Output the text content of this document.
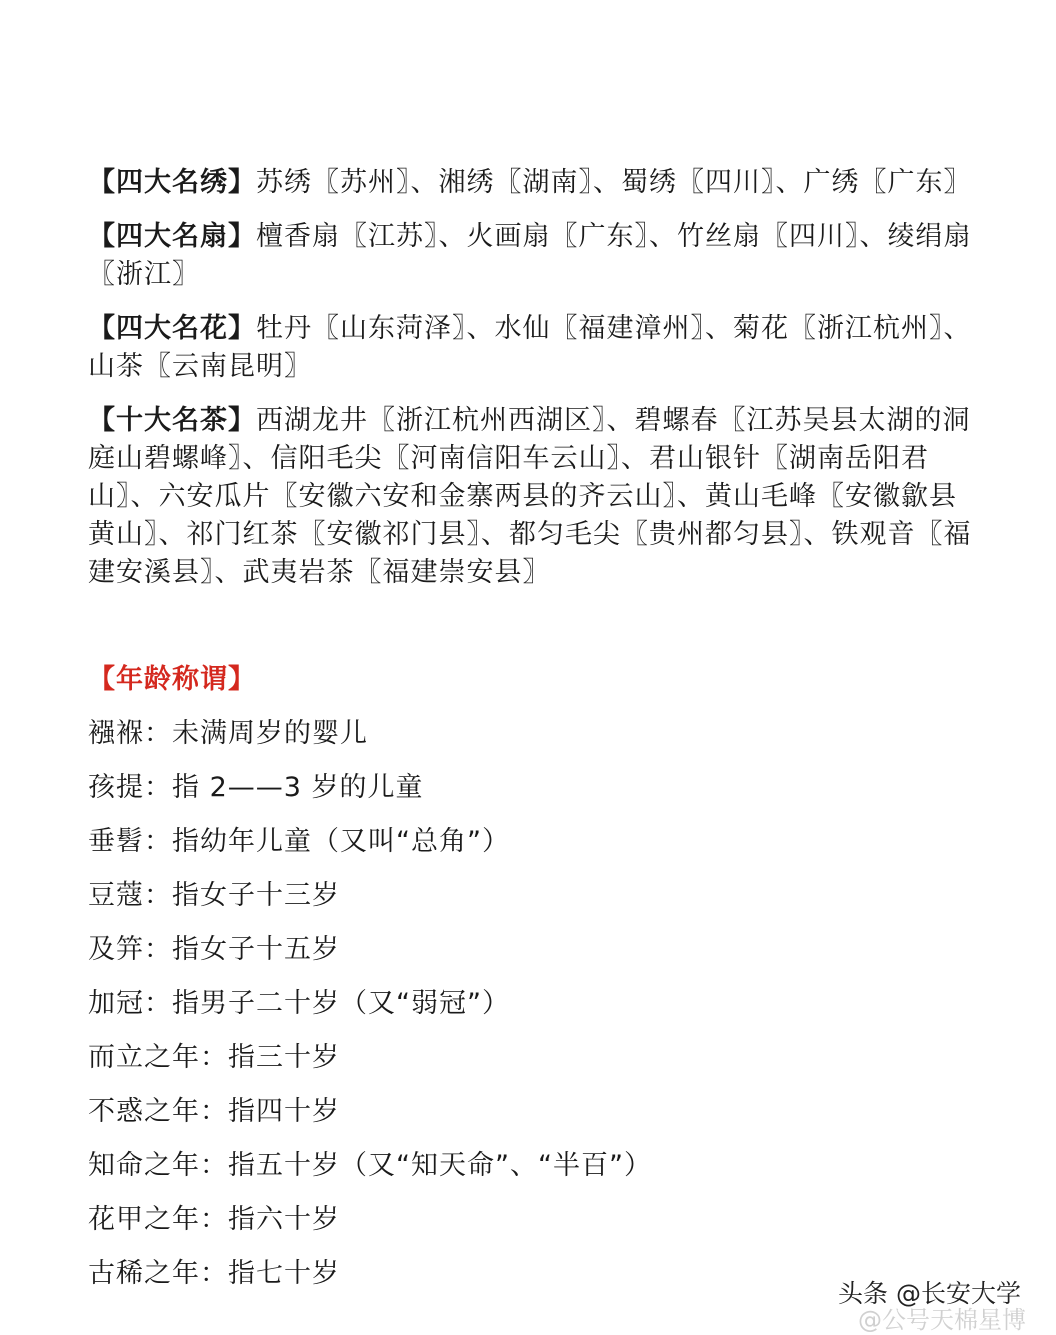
【四大名绣】苏绣〖苏州〗、湘绣〖湖南〗、蜀绣〖四川〗、广绣〖广东〗

【四大名扇】檀香扇〖江苏〗、火画扇〖广东〗、竹丝扇〖四川〗、绫绢扇〖浙江〗

【四大名花】牡丹〖山东菏泽〗、水仙〖福建漳州〗、菊花〖浙江杭州〗、山茶〖云南昆明〗

【十大名茶】西湖龙井〖浙江杭州西湖区〗、碧螺春〖江苏吴县太湖的洞庭山碧螺峰〗、信阳毛尖〖河南信阳车云山〗、君山银针〖湖南岳阳君山〗、六安瓜片〖安徽六安和金寨两县的齐云山〗、黄山毛峰〖安徽歙县黄山〗、祁门红茶〖安徽祁门县〗、都匀毛尖〖贵州都匀县〗、铁观音〖福建安溪县〗、武夷岩茶〖福建崇安县〗

【年龄称谓】
襁褓：未满周岁的婴儿
孩提：指 2——3 岁的儿童
垂髫：指幼年儿童（又叫“总角”）
豆蔻：指女子十三岁
及笄：指女子十五岁
加冠：指男子二十岁（又“弱冠”）
而立之年：指三十岁
不惑之年：指四十岁
知命之年：指五十岁（又“知天命”、“半百”）
花甲之年：指六十岁
古稀之年：指七十岁
@公号天棉星博
头条 @长安大学
